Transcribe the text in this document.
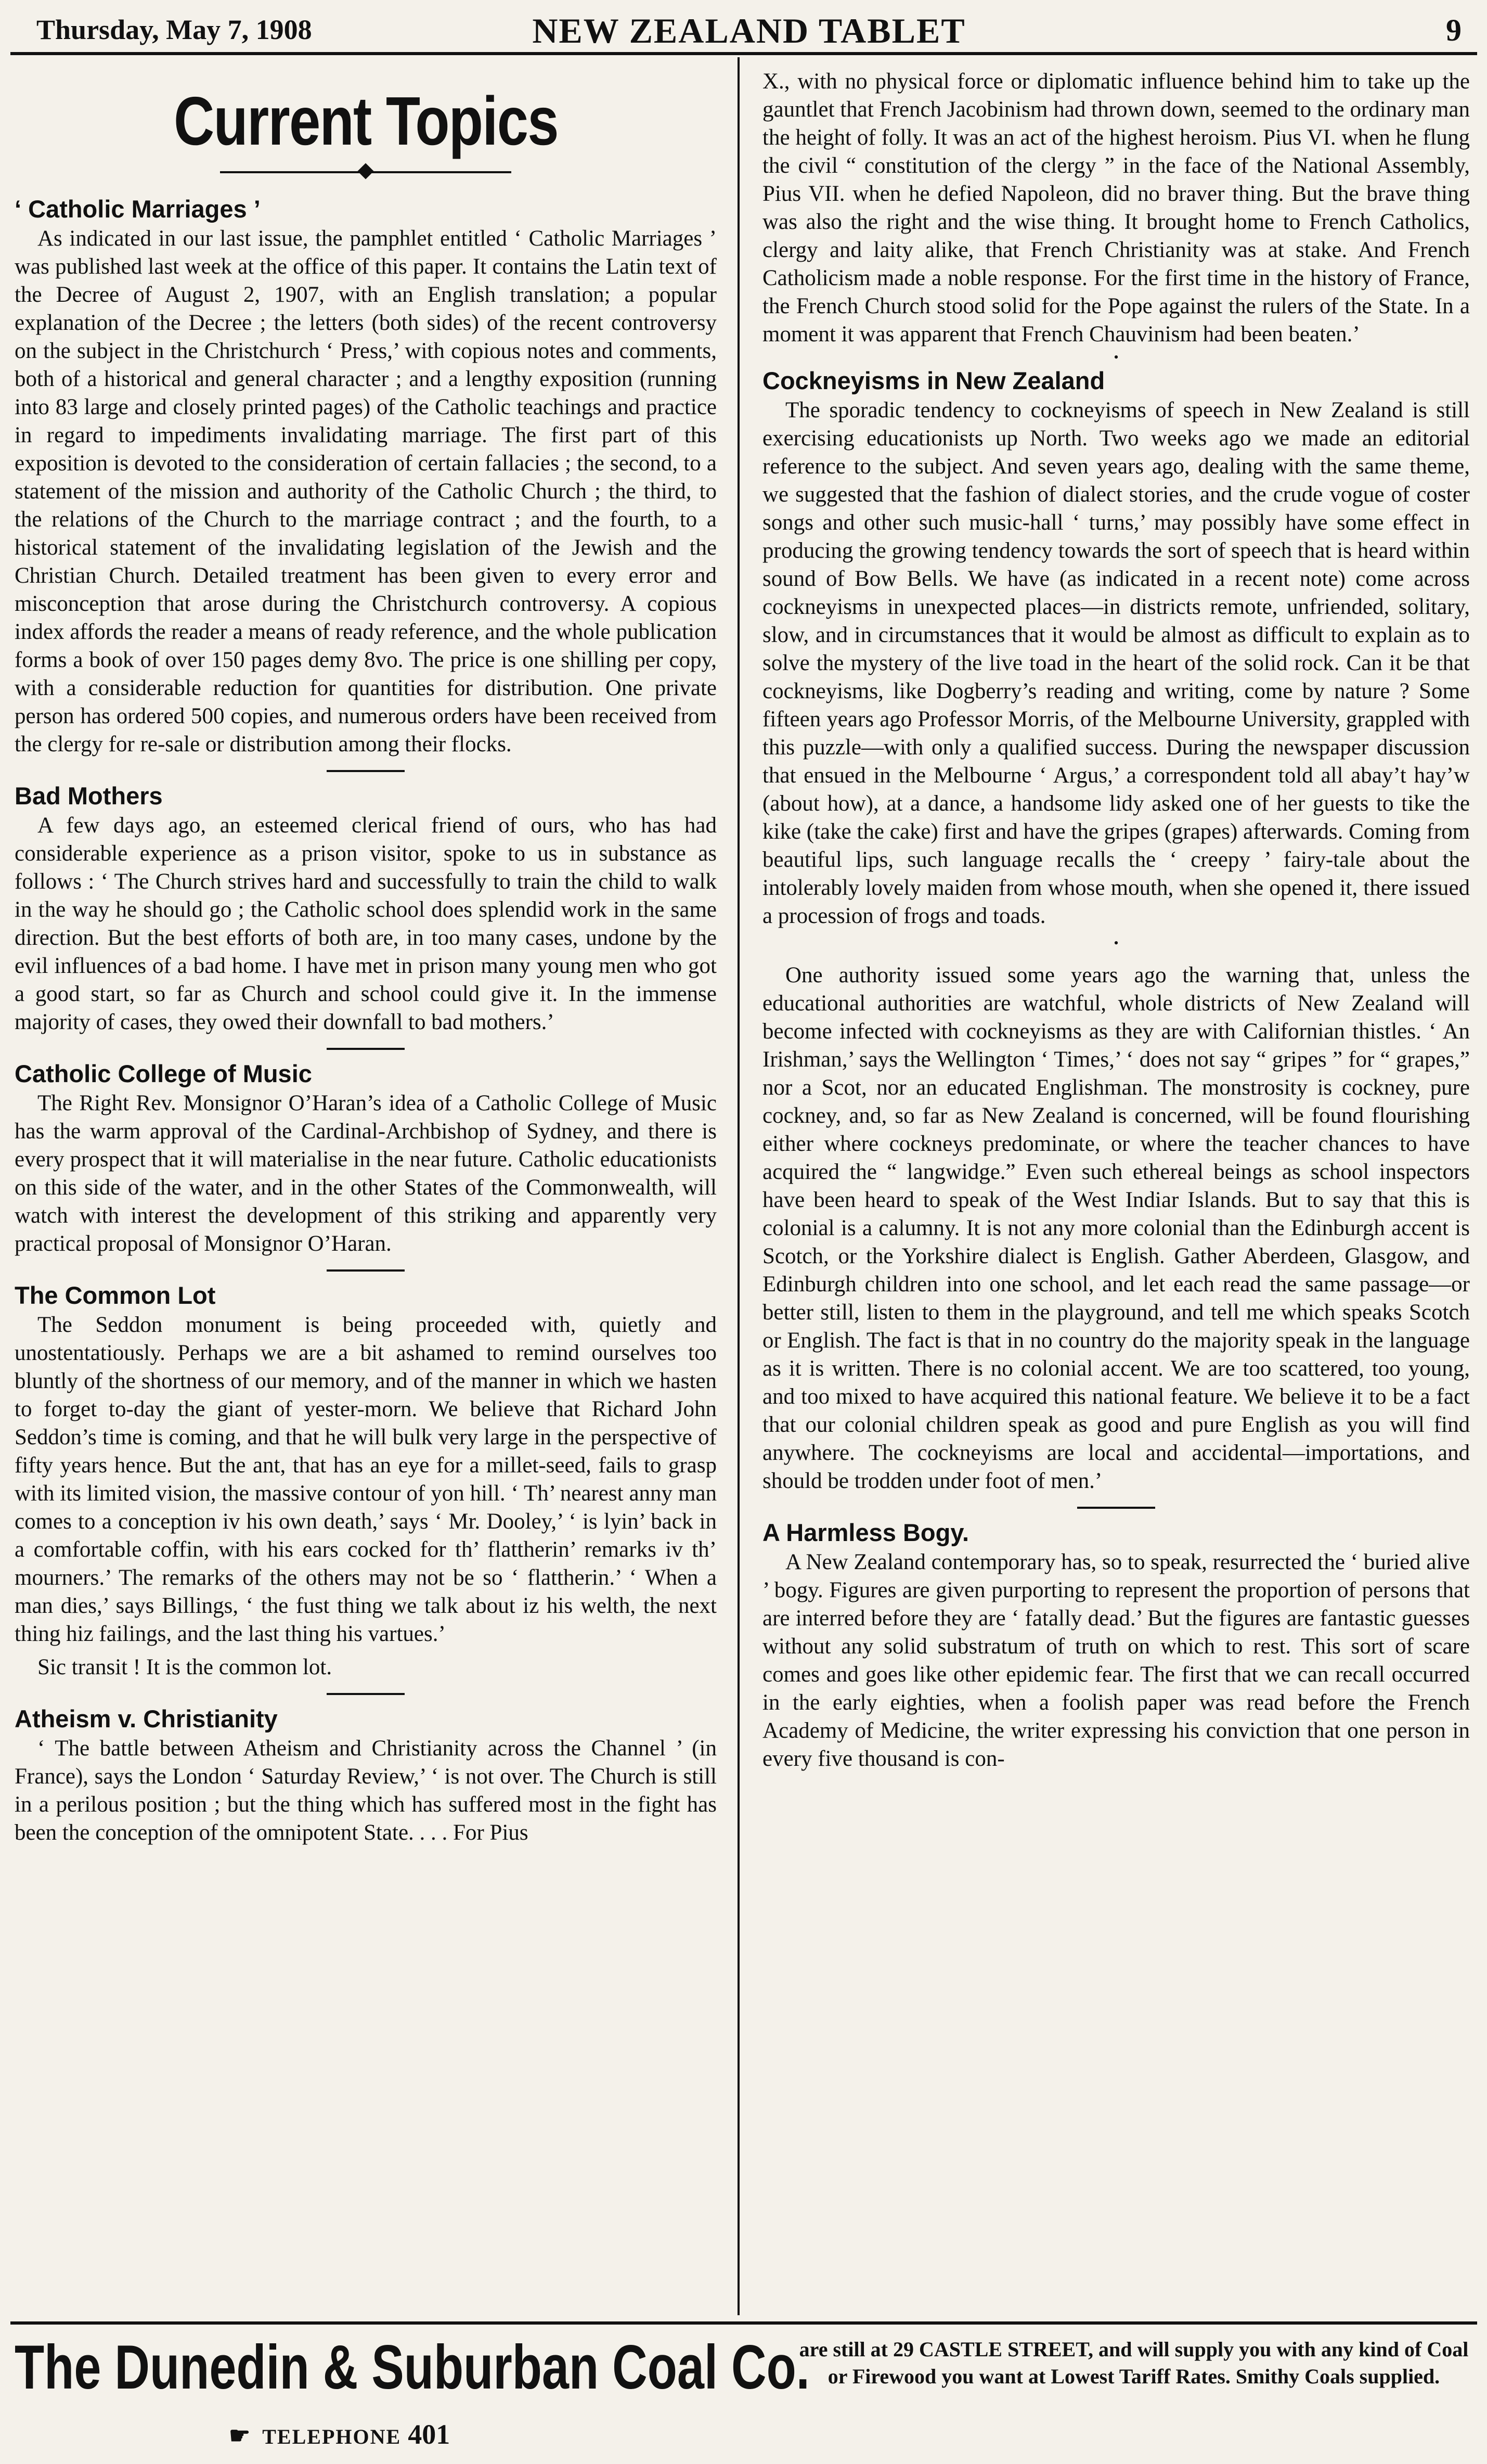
Thursday, May 7, 1908	NEW ZEALAND TABLET	9
Current Topics
‘ Catholic Marriages ’

As indicated in our last issue, the pamphlet entitled ‘ Catholic Marriages ’ was published last week at the office of this paper. It contains the Latin text of the Decree of August 2, 1907, with an English translation; a popular explanation of the Decree ; the letters (both sides) of the recent controversy on the subject in the Christchurch ‘ Press,’ with copious notes and comments, both of a historical and general character ; and a lengthy exposition (running into 83 large and closely printed pages) of the Catholic teachings and practice in regard to impediments invalidating marriage. The first part of this exposition is devoted to the consideration of certain fallacies ; the second, to a statement of the mission and authority of the Catholic Church ; the third, to the relations of the Church to the marriage contract ; and the fourth, to a historical statement of the invalidating legislation of the Jewish and the Christian Church. Detailed treatment has been given to every error and misconception that arose during the Christchurch controversy. A copious index affords the reader a means of ready reference, and the whole publication forms a book of over 150 pages demy 8vo. The price is one shilling per copy, with a considerable reduction for quantities for distribution. One private person has ordered 500 copies, and numerous orders have been received from the clergy for re-sale or distribution among their flocks.

Bad Mothers

A few days ago, an esteemed clerical friend of ours, who has had considerable experience as a prison visitor, spoke to us in substance as follows : ‘ The Church strives hard and successfully to train the child to walk in the way he should go ; the Catholic school does splendid work in the same direction. But the best efforts of both are, in too many cases, undone by the evil influences of a bad home. I have met in prison many young men who got a good start, so far as Church and school could give it. In the immense majority of cases, they owed their downfall to bad mothers.’

Catholic College of Music

The Right Rev. Monsignor O’Haran’s idea of a Catholic College of Music has the warm approval of the Cardinal-Archbishop of Sydney, and there is every prospect that it will materialise in the near future. Catholic educationists on this side of the water, and in the other States of the Commonwealth, will watch with interest the development of this striking and apparently very practical proposal of Monsignor O’Haran.

The Common Lot

The Seddon monument is being proceeded with, quietly and unostentatiously. Perhaps we are a bit ashamed to remind ourselves too bluntly of the shortness of our memory, and of the manner in which we hasten to forget to-day the giant of yester-morn. We believe that Richard John Seddon’s time is coming, and that he will bulk very large in the perspective of fifty years hence. But the ant, that has an eye for a millet-seed, fails to grasp with its limited vision, the massive contour of yon hill. ‘ Th’ nearest anny man comes to a conception iv his own death,’ says ‘ Mr. Dooley,’ ‘ is lyin’ back in a comfortable coffin, with his ears cocked for th’ flattherin’ remarks iv th’ mourners.’ The remarks of the others may not be so ‘ flattherin.’ ‘ When a man dies,’ says Billings, ‘ the fust thing we talk about iz his welth, the next thing hiz failings, and the last thing his vartues.’

Sic transit ! It is the common lot.

Atheism v. Christianity

‘ The battle between Atheism and Christianity across the Channel ’ (in France), says the London ‘ Saturday Review,’ ‘ is not over. The Church is still in a perilous position ; but the thing which has suffered most in the fight has been the conception of the omnipotent State. . . . For Pius

X., with no physical force or diplomatic influence behind him to take up the gauntlet that French Jacobinism had thrown down, seemed to the ordinary man the height of folly. It was an act of the highest heroism. Pius VI. when he flung the civil “ constitution of the clergy ” in the face of the National Assembly, Pius VII. when he defied Napoleon, did no braver thing. But the brave thing was also the right and the wise thing. It brought home to French Catholics, clergy and laity alike, that French Christianity was at stake. And French Catholicism made a noble response. For the first time in the history of France, the French Church stood solid for the Pope against the rulers of the State. In a moment it was apparent that French Chauvinism had been beaten.’

•
Cockneyisms in New Zealand

The sporadic tendency to cockneyisms of speech in New Zealand is still exercising educationists up North. Two weeks ago we made an editorial reference to the subject. And seven years ago, dealing with the same theme, we suggested that the fashion of dialect stories, and the crude vogue of coster songs and other such music-hall ‘ turns,’ may possibly have some effect in producing the growing tendency towards the sort of speech that is heard within sound of Bow Bells. We have (as indicated in a recent note) come across cockneyisms in unexpected places—in districts remote, unfriended, solitary, slow, and in circumstances that it would be almost as difficult to explain as to solve the mystery of the live toad in the heart of the solid rock. Can it be that cockneyisms, like Dogberry’s reading and writing, come by nature ? Some fifteen years ago Professor Morris, of the Melbourne University, grappled with this puzzle—with only a qualified success. During the newspaper discussion that ensued in the Melbourne ‘ Argus,’ a correspondent told all abay’t hay’w (about how), at a dance, a handsome lidy asked one of her guests to tike the kike (take the cake) first and have the gripes (grapes) afterwards. Coming from beautiful lips, such language recalls the ‘ creepy ’ fairy-tale about the intolerably lovely maiden from whose mouth, when she opened it, there issued a procession of frogs and toads.

•

One authority issued some years ago the warning that, unless the educational authorities are watchful, whole districts of New Zealand will become infected with cockneyisms as they are with Californian thistles. ‘ An Irishman,’ says the Wellington ‘ Times,’ ‘ does not say “ gripes ” for “ grapes,” nor a Scot, nor an educated Englishman. The monstrosity is cockney, pure cockney, and, so far as New Zealand is concerned, will be found flourishing either where cockneys predominate, or where the teacher chances to have acquired the “ langwidge.” Even such ethereal beings as school inspectors have been heard to speak of the West Indiar Islands. But to say that this is colonial is a calumny. It is not any more colonial than the Edinburgh accent is Scotch, or the Yorkshire dialect is English. Gather Aberdeen, Glasgow, and Edinburgh children into one school, and let each read the same passage—or better still, listen to them in the playground, and tell me which speaks Scotch or English. The fact is that in no country do the majority speak in the language as it is written. There is no colonial accent. We are too scattered, too young, and too mixed to have acquired this national feature. We believe it to be a fact that our colonial children speak as good and pure English as you will find anywhere. The cockneyisms are local and accidental—importations, and should be trodden under foot of men.’

A Harmless Bogy.

A New Zealand contemporary has, so to speak, resurrected the ‘ buried alive ’ bogy. Figures are given purporting to represent the proportion of persons that are interred before they are ‘ fatally dead.’ But the figures are fantastic guesses without any solid substratum of truth on which to rest. This sort of scare comes and goes like other epidemic fear. The first that we can recall occurred in the early eighties, when a foolish paper was read before the French Academy of Medicine, the writer expressing his conviction that one person in every five thousand is con-

The Dunedin & Suburban Coal Co.
☛ TELEPHONE 401
are still at 29 CASTLE STREET, and will supply you with any kind of Coal or Firewood you want at Lowest Tariff Rates. Smithy Coals supplied.
